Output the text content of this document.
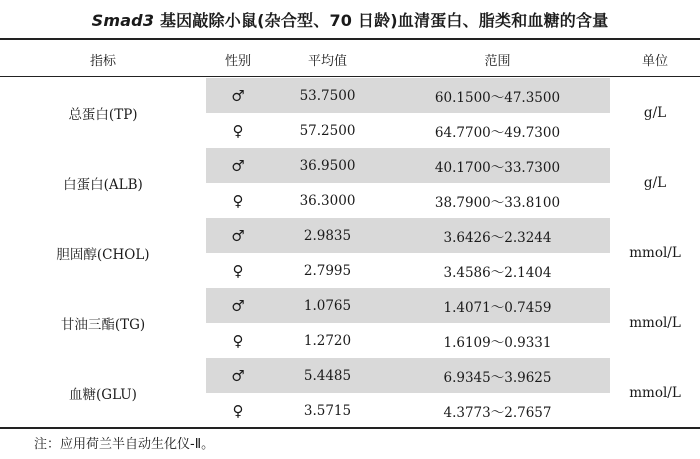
Smad3 基因敲除小鼠(杂合型、70 日龄)血清蛋白、脂类和血糖的含量
指标	性别	平均值	范围	单位
总蛋白(TP)	♂	53.7500	60.1500～47.3500	g/L
	♀	57.2500	64.7700～49.7300	
白蛋白(ALB)	♂	36.9500	40.1700～33.7300	g/L
	♀	36.3000	38.7900～33.8100	
胆固醇(CHOL)	♂	2.9835	3.6426～2.3244	mmol/L
	♀	2.7995	3.4586～2.1404	
甘油三酯(TG)	♂	1.0765	1.4071～0.7459	mmol/L
	♀	1.2720	1.6109～0.9331	
血糖(GLU)	♂	5.4485	6.9345～3.9625	mmol/L
	♀	3.5715	4.3773～2.7657	
注：应用荷兰半自动生化仪-Ⅱ。
